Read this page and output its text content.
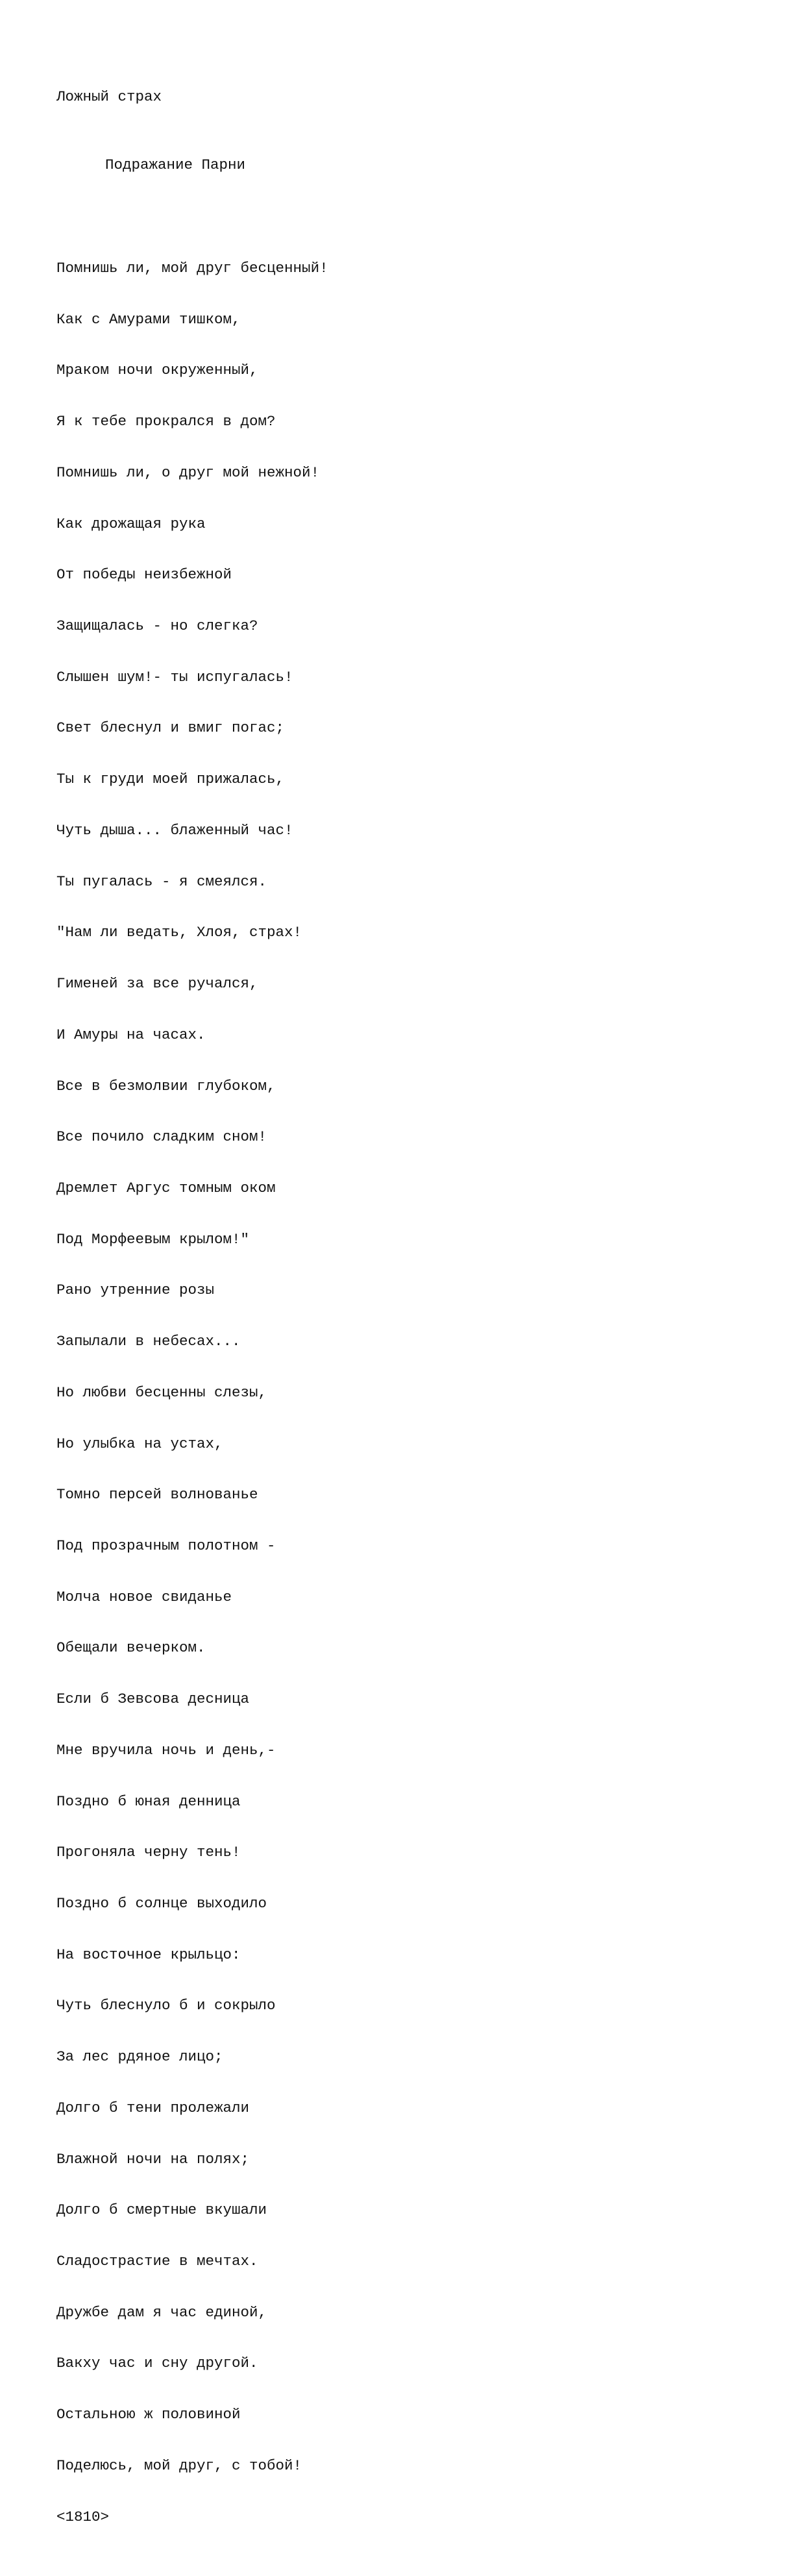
Ложный страх

Подражание Парни

Помнишь ли, мой друг бесценный!

Как с Амурами тишком,

Мраком ночи окруженный,

Я к тебе прокрался в дом?

Помнишь ли, о друг мой нежной!

Как дрожащая рука

От победы неизбежной

Защищалась - но слегка?

Слышен шум!- ты испугалась!

Свет блеснул и вмиг погас;

Ты к груди моей прижалась,

Чуть дыша... блаженный час!

Ты пугалась - я смеялся.

"Нам ли ведать, Хлоя, страх!

Гименей за все ручался,

И Амуры на часах.

Все в безмолвии глубоком,

Все почило сладким сном!

Дремлет Аргус томным оком

Под Морфеевым крылом!"

Рано утренние розы

Запылали в небесах...

Но любви бесценны слезы,

Но улыбка на устах,

Томно персей волнованье

Под прозрачным полотном -

Молча новое свиданье

Обещали вечерком.

Если б Зевсова десница

Мне вручила ночь и день,-

Поздно б юная денница

Прогоняла черну тень!

Поздно б солнце выходило

На восточное крыльцо:

Чуть блеснуло б и сокрыло

За лес рдяное лицо;

Долго б тени пролежали

Влажной ночи на полях;

Долго б смертные вкушали

Сладострастие в мечтах.

Дружбе дам я час единой,

Вакху час и сну другой.

Остальною ж половиной

Поделюсь, мой друг, с тобой!

<1810>
